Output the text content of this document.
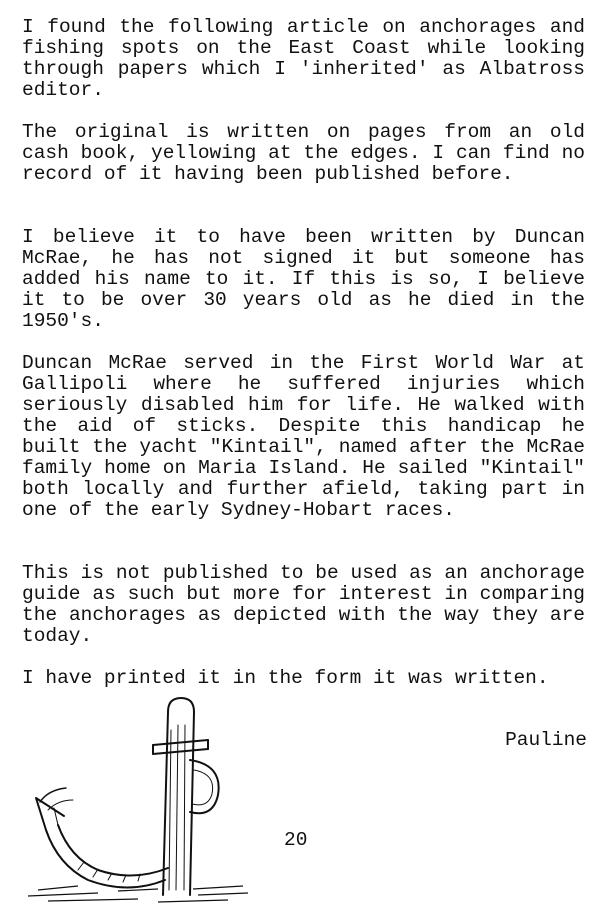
I found the following article on anchorages and fishing spots on the East Coast while looking through papers which I 'inherited' as Albatross editor.

The original is written on pages from an old cash book, yellowing at the edges. I can find no record of it having been published before.

I believe it to have been written by Duncan McRae, he has not signed it but someone has added his name to it. If this is so, I believe it to be over 30 years old as he died in the 1950's.

Duncan McRae served in the First World War at Gallipoli where he suffered injuries which seriously disabled him for life. He walked with the aid of sticks. Despite this handicap he built the yacht "Kintail", named after the McRae family home on Maria Island. He sailed "Kintail" both locally and further afield, taking part in one of the early Sydney-Hobart races.

This is not published to be used as an anchorage guide as such but more for interest in comparing the anchorages as depicted with the way they are today.

I have printed it in the form it was written.

Pauline
20
